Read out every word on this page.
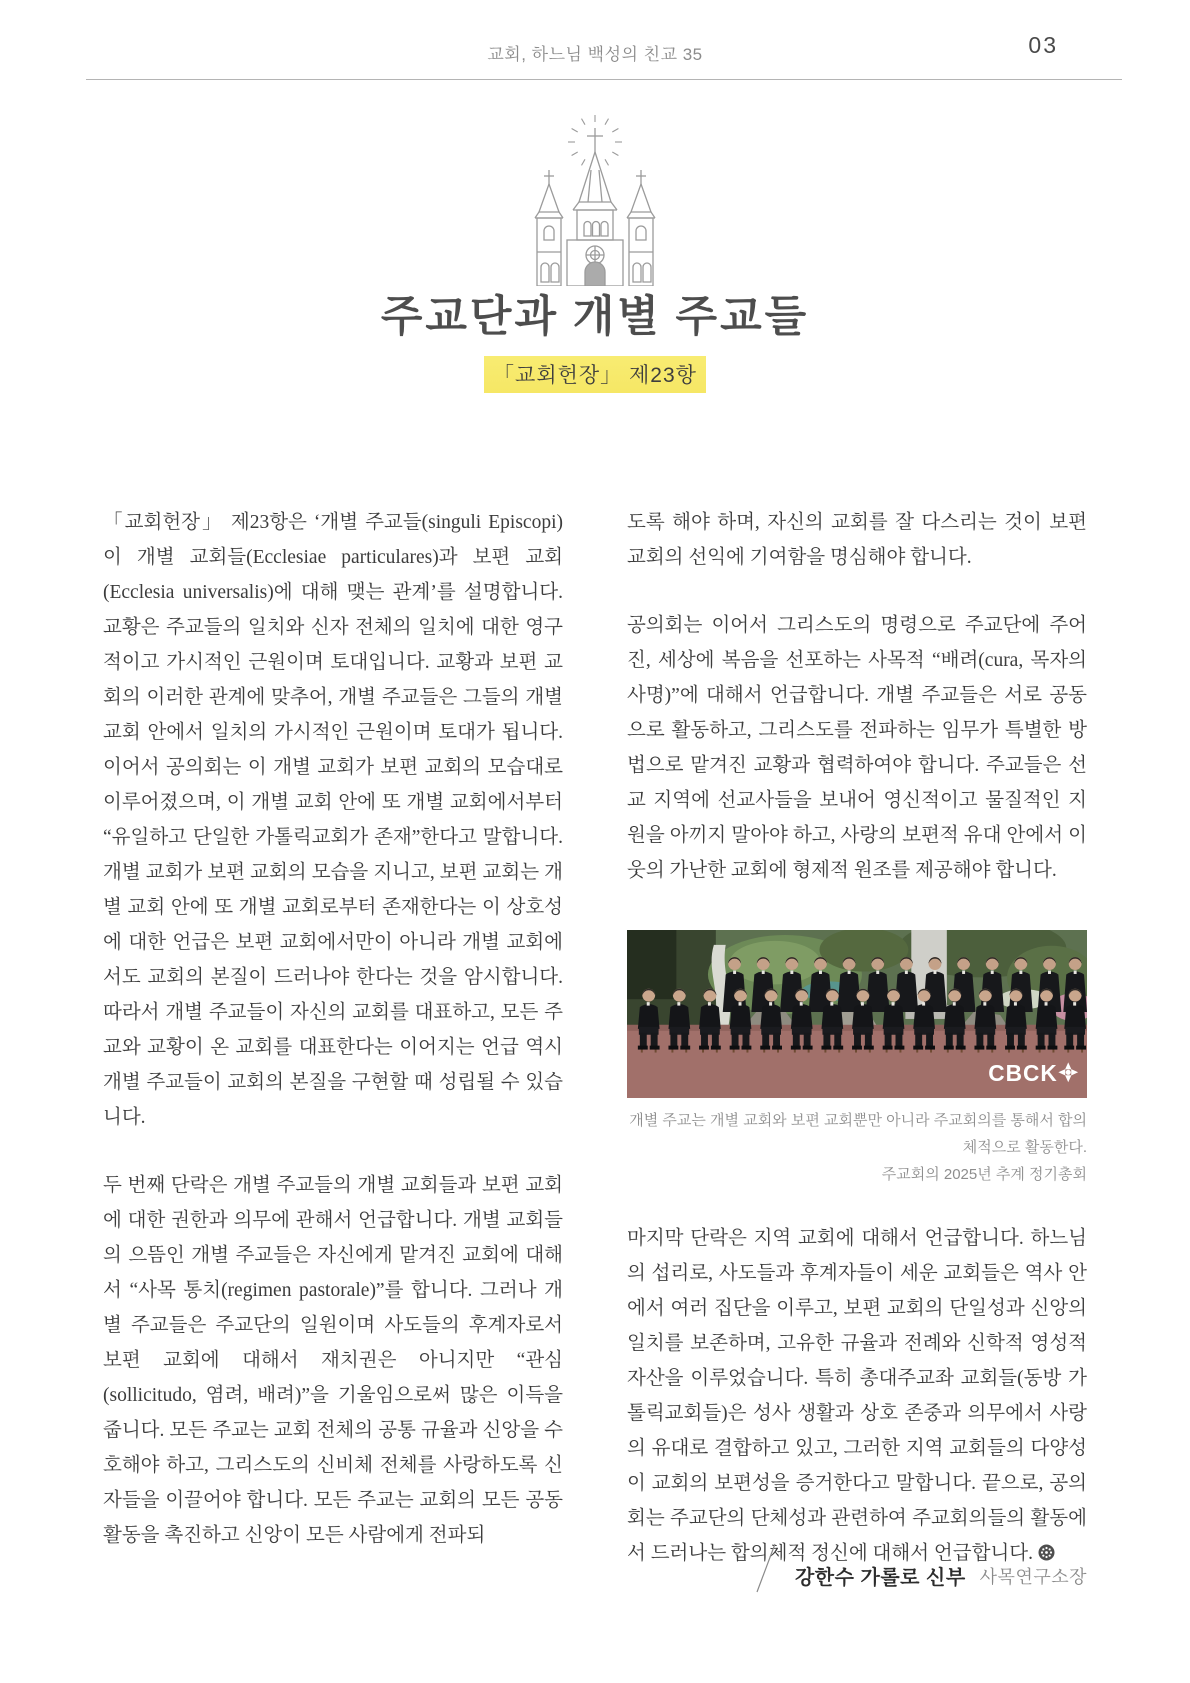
교회, 하느님 백성의 친교 35	03
주교단과 개별 주교들
「교회헌장」 제23항

「교회헌장」 제23항은 ‘개별 주교들(singuli Episcopi)이 개별 교회들(Ecclesiae particulares)과 보편 교회(Ecclesia universalis)에 대해 맺는 관계’를 설명합니다. 교황은 주교들의 일치와 신자 전체의 일치에 대한 영구적이고 가시적인 근원이며 토대입니다. 교황과 보편 교회의 이러한 관계에 맞추어, 개별 주교들은 그들의 개별 교회 안에서 일치의 가시적인 근원이며 토대가 됩니다. 이어서 공의회는 이 개별 교회가 보편 교회의 모습대로 이루어졌으며, 이 개별 교회 안에 또 개별 교회에서부터 “유일하고 단일한 가톨릭교회가 존재”한다고 말합니다. 개별 교회가 보편 교회의 모습을 지니고, 보편 교회는 개별 교회 안에 또 개별 교회로부터 존재한다는 이 상호성에 대한 언급은 보편 교회에서만이 아니라 개별 교회에서도 교회의 본질이 드러나야 한다는 것을 암시합니다. 따라서 개별 주교들이 자신의 교회를 대표하고, 모든 주교와 교황이 온 교회를 대표한다는 이어지는 언급 역시 개별 주교들이 교회의 본질을 구현할 때 성립될 수 있습니다.

두 번째 단락은 개별 주교들의 개별 교회들과 보편 교회에 대한 권한과 의무에 관해서 언급합니다. 개별 교회들의 으뜸인 개별 주교들은 자신에게 맡겨진 교회에 대해서 “사목 통치(regimen pastorale)”를 합니다. 그러나 개별 주교들은 주교단의 일원이며 사도들의 후계자로서 보편 교회에 대해서 재치권은 아니지만 “관심(sollicitudo, 염려, 배려)”을 기울임으로써 많은 이득을 줍니다. 모든 주교는 교회 전체의 공통 규율과 신앙을 수호해야 하고, 그리스도의 신비체 전체를 사랑하도록 신자들을 이끌어야 합니다. 모든 주교는 교회의 모든 공동 활동을 촉진하고 신앙이 모든 사람에게 전파되

도록 해야 하며, 자신의 교회를 잘 다스리는 것이 보편 교회의 선익에 기여함을 명심해야 합니다.

공의회는 이어서 그리스도의 명령으로 주교단에 주어진, 세상에 복음을 선포하는 사목적 “배려(cura, 목자의 사명)”에 대해서 언급합니다. 개별 주교들은 서로 공동으로 활동하고, 그리스도를 전파하는 임무가 특별한 방법으로 맡겨진 교황과 협력하여야 합니다. 주교들은 선교 지역에 선교사들을 보내어 영신적이고 물질적인 지원을 아끼지 말아야 하고, 사랑의 보편적 유대 안에서 이웃의 가난한 교회에 형제적 원조를 제공해야 합니다.

CBCK
개별 주교는 개별 교회와 보편 교회뿐만 아니라 주교회의를 통해서 합의체적으로 활동한다.
주교회의 2025년 추계 정기총회

마지막 단락은 지역 교회에 대해서 언급합니다. 하느님의 섭리로, 사도들과 후계자들이 세운 교회들은 역사 안에서 여러 집단을 이루고, 보편 교회의 단일성과 신앙의 일치를 보존하며, 고유한 규율과 전례와 신학적 영성적 자산을 이루었습니다. 특히 총대주교좌 교회들(동방 가톨릭교회들)은 성사 생활과 상호 존중과 의무에서 사랑의 유대로 결합하고 있고, 그러한 지역 교회들의 다양성이 교회의 보편성을 증거한다고 말합니다. 끝으로, 공의회는 주교단의 단체성과 관련하여 주교회의들의 활동에서 드러나는 합의체적 정신에 대해서 언급합니다.

강한수 가롤로 신부 사목연구소장
